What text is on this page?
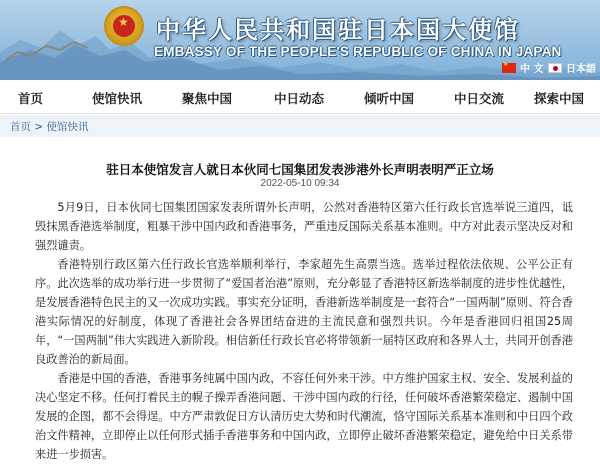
★ 中华人民共和国驻日本国大使馆
EMBASSY OF THE PEOPLE'S REPUBLIC OF CHINA IN JAPAN
★
中 文 日本語
首页	使馆快讯	聚焦中国	中日动态	倾听中国	中日交流 探索中国
首页 > 使馆快讯
驻日本使馆发言人就日本伙同七国集团发表涉港外长声明表明严正立场
2022-05-10 09:34

5月9日，日本伙同七国集团国家发表所谓外长声明，公然对香港特区第六任行政长官选举说三道四，诋毁抹黑香港选举制度，粗暴干涉中国内政和香港事务，严重违反国际关系基本准则。中方对此表示坚决反对和强烈谴责。

香港特别行政区第六任行政长官选举顺利举行，李家超先生高票当选。选举过程依法依规、公平公正有序。此次选举的成功举行进一步贯彻了“爱国者治港”原则，充分彰显了香港特区新选举制度的进步性优越性，是发展香港特色民主的又一次成功实践。事实充分证明，香港新选举制度是一套符合“一国两制”原则、符合香港实际情况的好制度，体现了香港社会各界团结奋进的主流民意和强烈共识。今年是香港回归祖国25周年，“一国两制”伟大实践进入新阶段。相信新任行政长官必将带领新一届特区政府和各界人士，共同开创香港良政善治的新局面。

香港是中国的香港，香港事务纯属中国内政，不容任何外来干涉。中方维护国家主权、安全、发展利益的决心坚定不移。任何打着民主的幌子操弄香港问题、干涉中国内政的行径，任何破坏香港繁荣稳定、遏制中国发展的企图，都不会得逞。中方严肃敦促日方认清历史大势和时代潮流，恪守国际关系基本准则和中日四个政治文件精神，立即停止以任何形式插手香港事务和中国内政，立即停止破坏香港繁荣稳定，避免给中日关系带来进一步损害。
